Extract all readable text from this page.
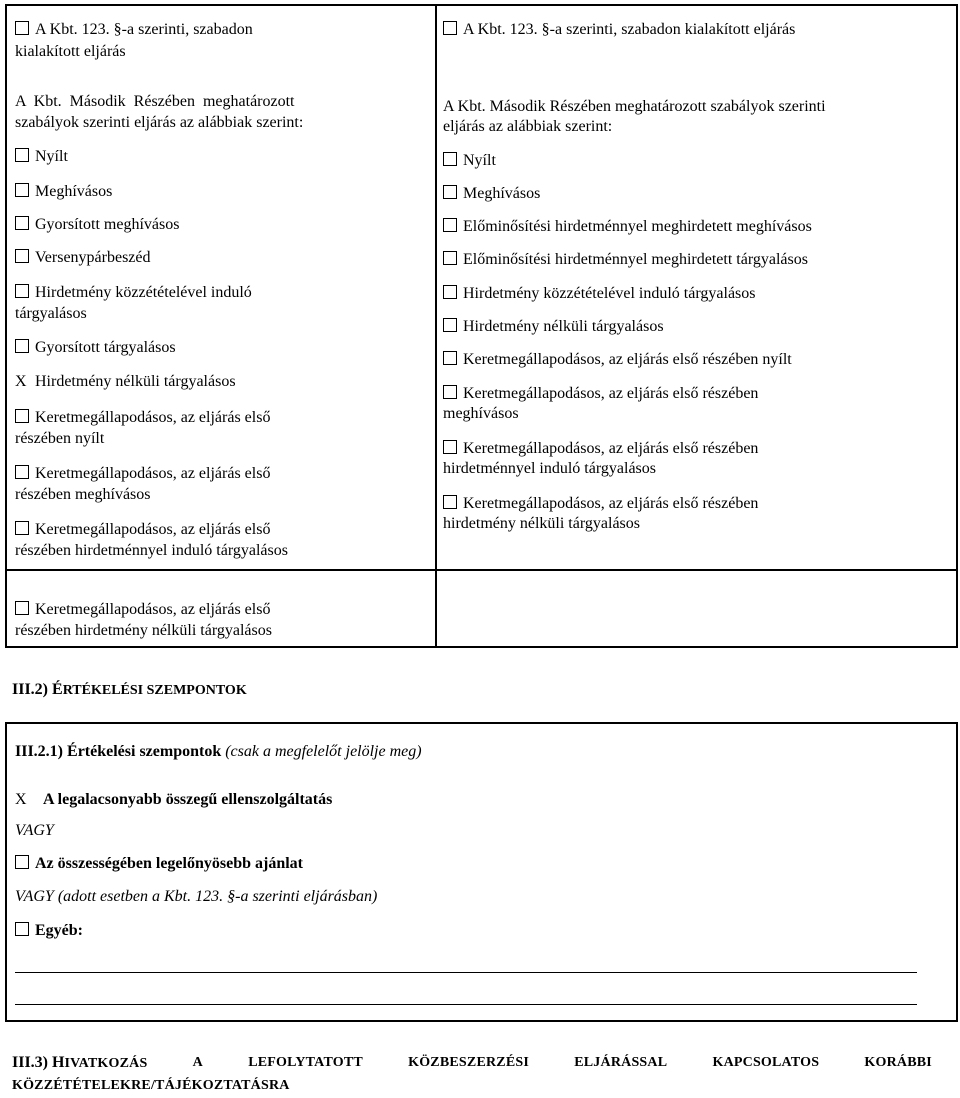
A Kbt. 123. §-a szerinti, szabadon
kialakított eljárás
A  Kbt.  Második  Részében  meghatározott
szabályok szerinti eljárás az alábbiak szerint:
Nyílt
Meghívásos
Gyorsított meghívásos
Versenypárbeszéd
Hirdetmény közzétételével induló
tárgyalásos
Gyorsított tárgyalásos
X Hirdetmény nélküli tárgyalásos
Keretmegállapodásos, az eljárás első
részében nyílt
Keretmegállapodásos, az eljárás első
részében meghívásos
Keretmegállapodásos, az eljárás első
részében hirdetménnyel induló tárgyalásos
Keretmegállapodásos, az eljárás első
részében hirdetmény nélküli tárgyalásos
A Kbt. 123. §-a szerinti, szabadon kialakított eljárás
A Kbt. Második Részében meghatározott szabályok szerinti
eljárás az alábbiak szerint:
Nyílt
Meghívásos
Előminősítési hirdetménnyel meghirdetett meghívásos
Előminősítési hirdetménnyel meghirdetett tárgyalásos
Hirdetmény közzétételével induló tárgyalásos
Hirdetmény nélküli tárgyalásos
Keretmegállapodásos, az eljárás első részében nyílt
Keretmegállapodásos, az eljárás első részében
meghívásos
Keretmegállapodásos, az eljárás első részében
hirdetménnyel induló tárgyalásos
Keretmegállapodásos, az eljárás első részében
hirdetmény nélküli tárgyalásos
III.2) ÉRTÉKELÉSI SZEMPONTOK
III.2.1) Értékelési szempontok (csak a megfelelőt jelölje meg)
X A legalacsonyabb összegű ellenszolgáltatás
VAGY
Az összességében legelőnyösebb ajánlat
VAGY (adott esetben a Kbt. 123. §-a szerinti eljárásban)
Egyéb:
III.3) HIVATKOZÁS	A	LEFOLYTATOTT	KÖZBESZERZÉSI	ELJÁRÁSSAL	KAPCSOLATOS	KORÁBBI
KÖZZÉTÉTELEKRE/TÁJÉKOZTATÁSRA
